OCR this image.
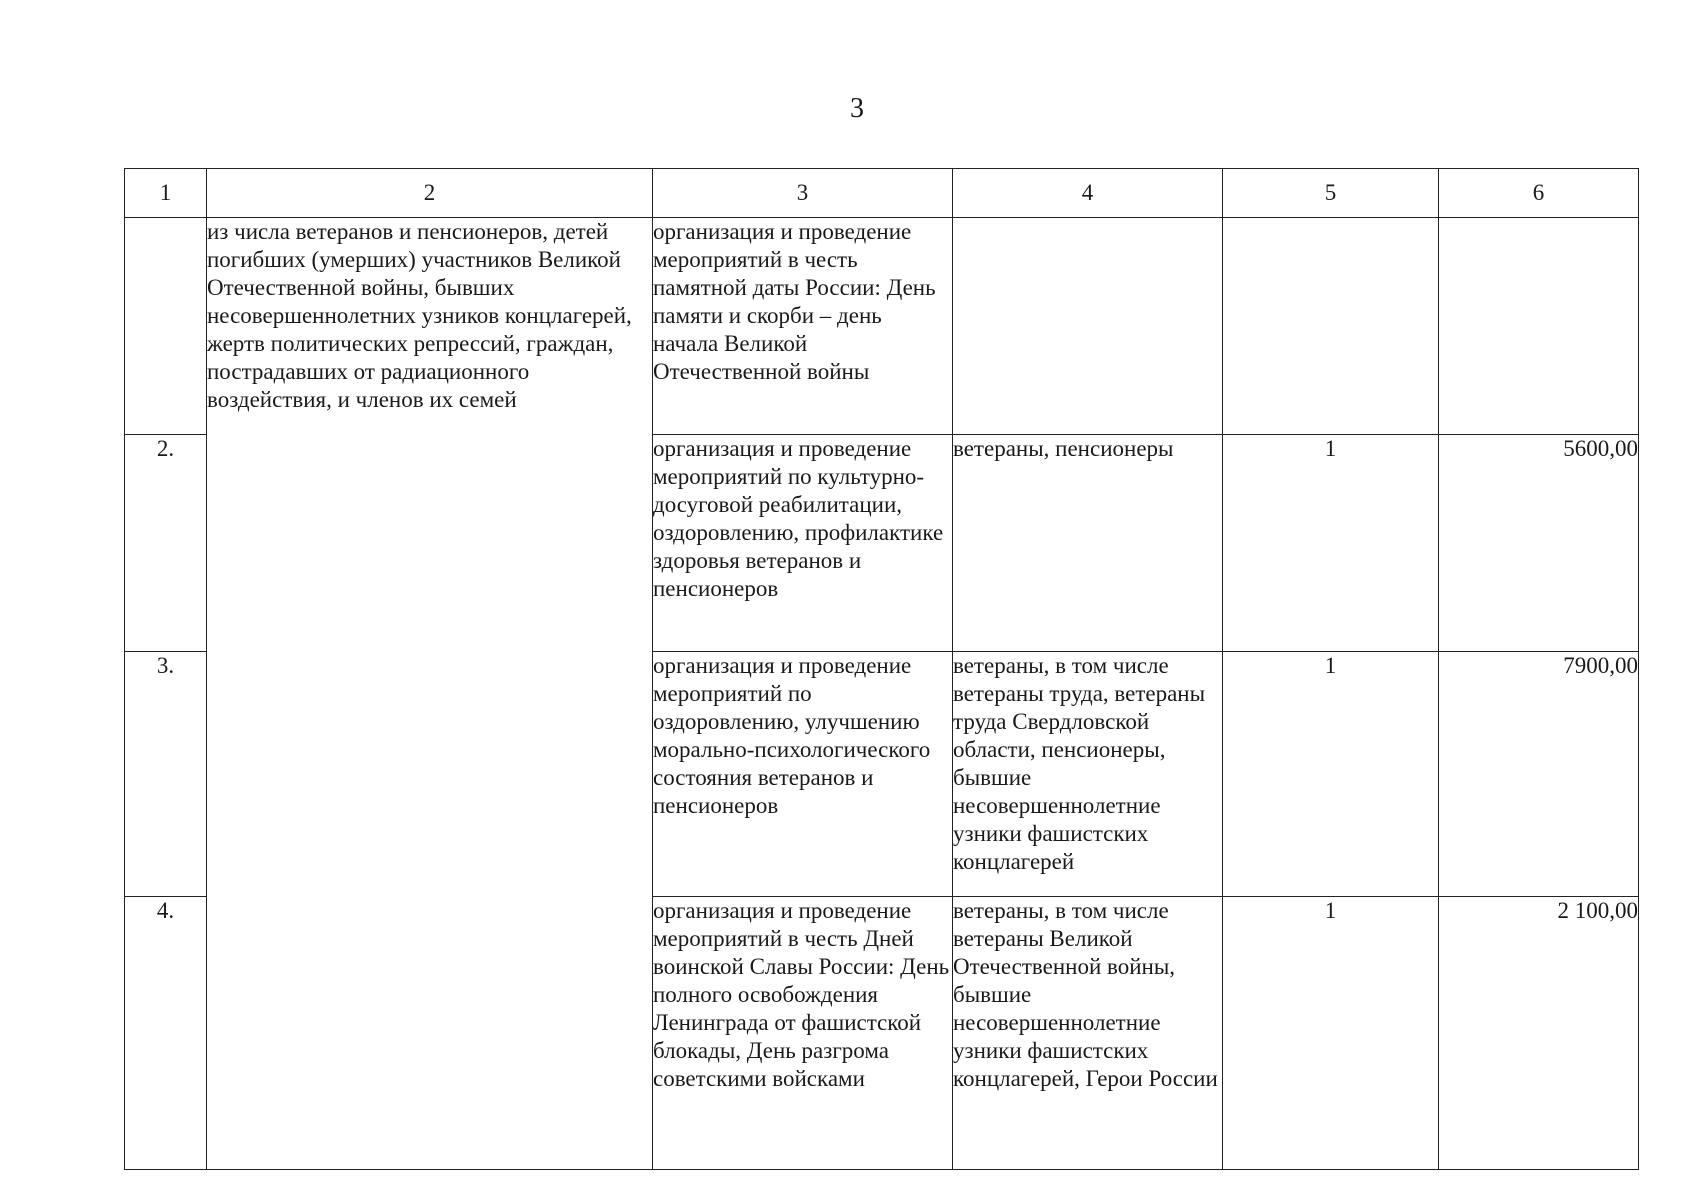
3
1	2	3	4	5	6
	из числа ветеранов и пенсионеров, детей погибших (умерших) участников Великой Отечественной войны, бывших несовершеннолетних узников концлагерей, жертв политических репрессий, граждан, пострадавших от радиационного воздействия, и членов их семей	организация и проведение мероприятий в честь памятной даты России: День памяти и скорби – день начала Великой Отечественной войны			
2.		организация и проведение мероприятий по культурно-досуговой реабилитации, оздоровлению, профилактике здоровья ветеранов и пенсионеров	ветераны, пенсионеры	1	5600,00
3.		организация и проведение мероприятий по оздоровлению, улучшению морально-психологического состояния ветеранов и пенсионеров	ветераны, в том числе ветераны труда, ветераны труда Свердловской области, пенсионеры, бывшие несовершеннолетние узники фашистских концлагерей	1	7900,00
4.		организация и проведение мероприятий в честь Дней воинской Славы России: День полного освобождения Ленинграда от фашистской блокады, День разгрома советскими войсками	ветераны, в том числе ветераны Великой Отечественной войны, бывшие несовершеннолетние узники фашистских концлагерей, Герои России	1	2 100,00
